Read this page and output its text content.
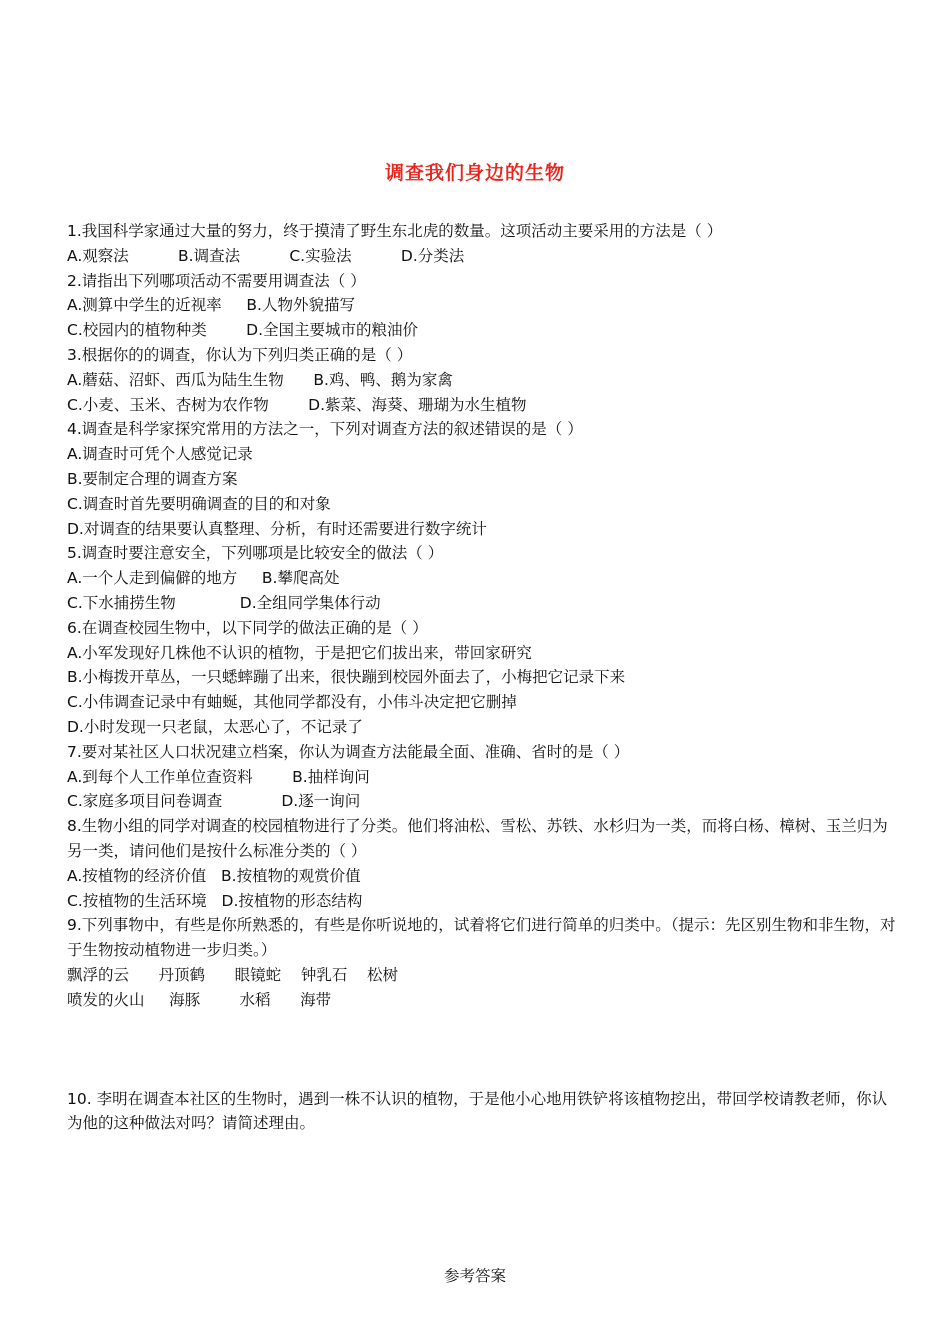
调查我们身边的生物
1.我国科学家通过大量的努力，终于摸清了野生东北虎的数量。这项活动主要采用的方法是（ ）
A.观察法          B.调查法          C.实验法          D.分类法
2.请指出下列哪项活动不需要用调查法（ ）
A.测算中学生的近视率     B.人物外貌描写
C.校园内的植物种类        D.全国主要城市的粮油价
3.根据你的的调查，你认为下列归类正确的是（ ）
A.蘑菇、沼虾、西瓜为陆生生物      B.鸡、鸭、鹅为家禽
C.小麦、玉米、杏树为农作物        D.紫菜、海葵、珊瑚为水生植物
4.调查是科学家探究常用的方法之一，下列对调查方法的叙述错误的是（ ）
A.调查时可凭个人感觉记录
B.要制定合理的调查方案
C.调查时首先要明确调查的目的和对象
D.对调查的结果要认真整理、分析，有时还需要进行数字统计
5.调查时要注意安全，下列哪项是比较安全的做法（ ）
A.一个人走到偏僻的地方     B.攀爬高处
C.下水捕捞生物             D.全组同学集体行动
6.在调查校园生物中，以下同学的做法正确的是（ ）
A.小军发现好几株他不认识的植物，于是把它们拔出来，带回家研究
B.小梅拨开草丛，一只蟋蟀蹦了出来，很快蹦到校园外面去了，小梅把它记录下来
C.小伟调查记录中有蚰蜒，其他同学都没有，小伟斗决定把它删掉
D.小时发现一只老鼠，太恶心了，不记录了
7.要对某社区人口状况建立档案，你认为调查方法能最全面、准确、省时的是（ ）
A.到每个人工作单位查资料        B.抽样询问
C.家庭多项目问卷调查            D.逐一询问
8.生物小组的同学对调查的校园植物进行了分类。他们将油松、雪松、苏铁、水杉归为一类，而将白杨、樟树、玉兰归为另一类，请问他们是按什么标准分类的（ ）
A.按植物的经济价值   B.按植物的观赏价值
C.按植物的生活环境   D.按植物的形态结构
9.下列事物中，有些是你所熟悉的，有些是你听说地的，试着将它们进行简单的归类中。（提示：先区别生物和非生物，对于生物按动植物进一步归类。）
飘浮的云      丹顶鹤      眼镜蛇    钟乳石    松树
喷发的火山     海豚        水稻      海带
10. 李明在调查本社区的生物时，遇到一株不认识的植物，于是他小心地用铁铲将该植物挖出，带回学校请教老师，你认为他的这种做法对吗？请简述理由。
参考答案
